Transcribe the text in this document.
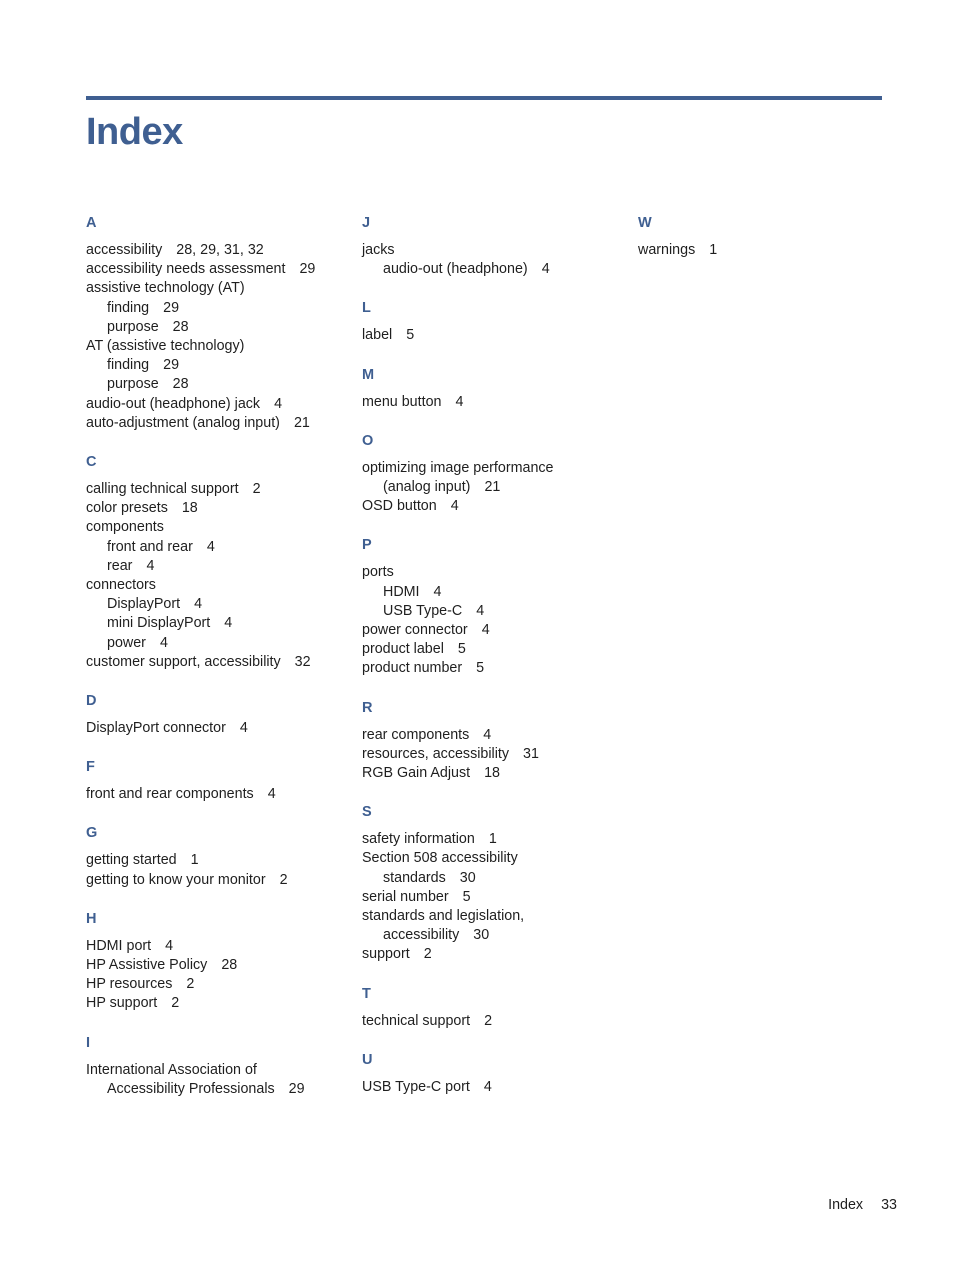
Index
A
accessibility 28, 29, 31, 32
accessibility needs assessment 29
assistive technology (AT)
finding 29
purpose 28
AT (assistive technology)
finding 29
purpose 28
audio-out (headphone) jack 4
auto-adjustment (analog input) 21
C
calling technical support 2
color presets 18
components
front and rear 4
rear 4
connectors
DisplayPort 4
mini DisplayPort 4
power 4
customer support, accessibility 32
D
DisplayPort connector 4
F
front and rear components 4
G
getting started 1
getting to know your monitor 2
H
HDMI port 4
HP Assistive Policy 28
HP resources 2
HP support 2
I
International Association of
Accessibility Professionals 29
J
jacks
audio-out (headphone) 4
L
label 5
M
menu button 4
O
optimizing image performance
(analog input) 21
OSD button 4
P
ports
HDMI 4
USB Type-C 4
power connector 4
product label 5
product number 5
R
rear components 4
resources, accessibility 31
RGB Gain Adjust 18
S
safety information 1
Section 508 accessibility
standards 30
serial number 5
standards and legislation,
accessibility 30
support 2
T
technical support 2
U
USB Type-C port 4
W
warnings 1
Index 33
